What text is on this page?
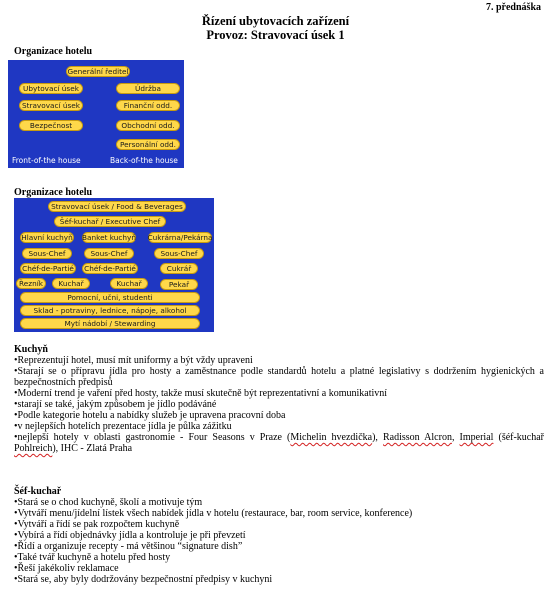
7. přednáška
Řízení ubytovacích zařízení
Provoz: Stravovací úsek 1
Organizace hotelu
Generální ředitel
Ubytovací úsek
Stravovací úsek
Bezpečnost
Údržba
Finanční odd.
Obchodní odd.
Personální odd.
Front-of-the house	Back-of-the house
Organizace hotelu
Stravovací úsek / Food & Beverages
Šéf-kuchař / Executive Chef
Hlavní kuchyň Banket kuchyň Cukrárna/Pekárna
Sous-Chef	Sous-Chef	Sous-Chef
Chéf-de-Partié Chéf-de-Partié	Cukrář
Řezník	Kuchař	Kuchař	Pekař
Pomocní, učni, studenti
Sklad - potraviny, lednice, nápoje, alkohol
Mytí nádobí / Stewarding
Kuchyň
• Reprezentují hotel, musí mít uniformy a být vždy upraveni
• Starají se o přípravu jídla pro hosty a zaměstnance podle standardů hotelu a platné legislativy s dodržením hygienických a bezpečnostních předpisů
• Moderní trend je vaření před hosty, takže musí skutečně být reprezentativní a komunikativní
• starají se také, jakým způsobem je jídlo podáváné
• Podle kategorie hotelu a nabídky služeb je upravena pracovní doba
• v nejlepších hotelích prezentace jídla je půlka zážitku
• nejlepší hotely v oblasti gastronomie - Four Seasons v Praze (Michelin hvezdička), Radisson Alcron, Imperial (šéf-kuchař Pohlreich), IHC - Zlatá Praha
Šéf-kuchař
• Stará se o chod kuchyně, školí a motivuje tým
• Vytváří menu/jídelní lístek všech nabídek jídla v hotelu (restaurace, bar, room service, konference)
• Vytváří a řídí se pak rozpočtem kuchyně
• Vybírá a řídí objednávky jídla a kontroluje je při převzetí
• Řídí a organizuje recepty - má většinou “signature dish”
• Také tvář kuchyně a hotelu před hosty
• Řeší jakékoliv reklamace
• Stará se, aby byly dodržovány bezpečnostní předpisy v kuchyni
